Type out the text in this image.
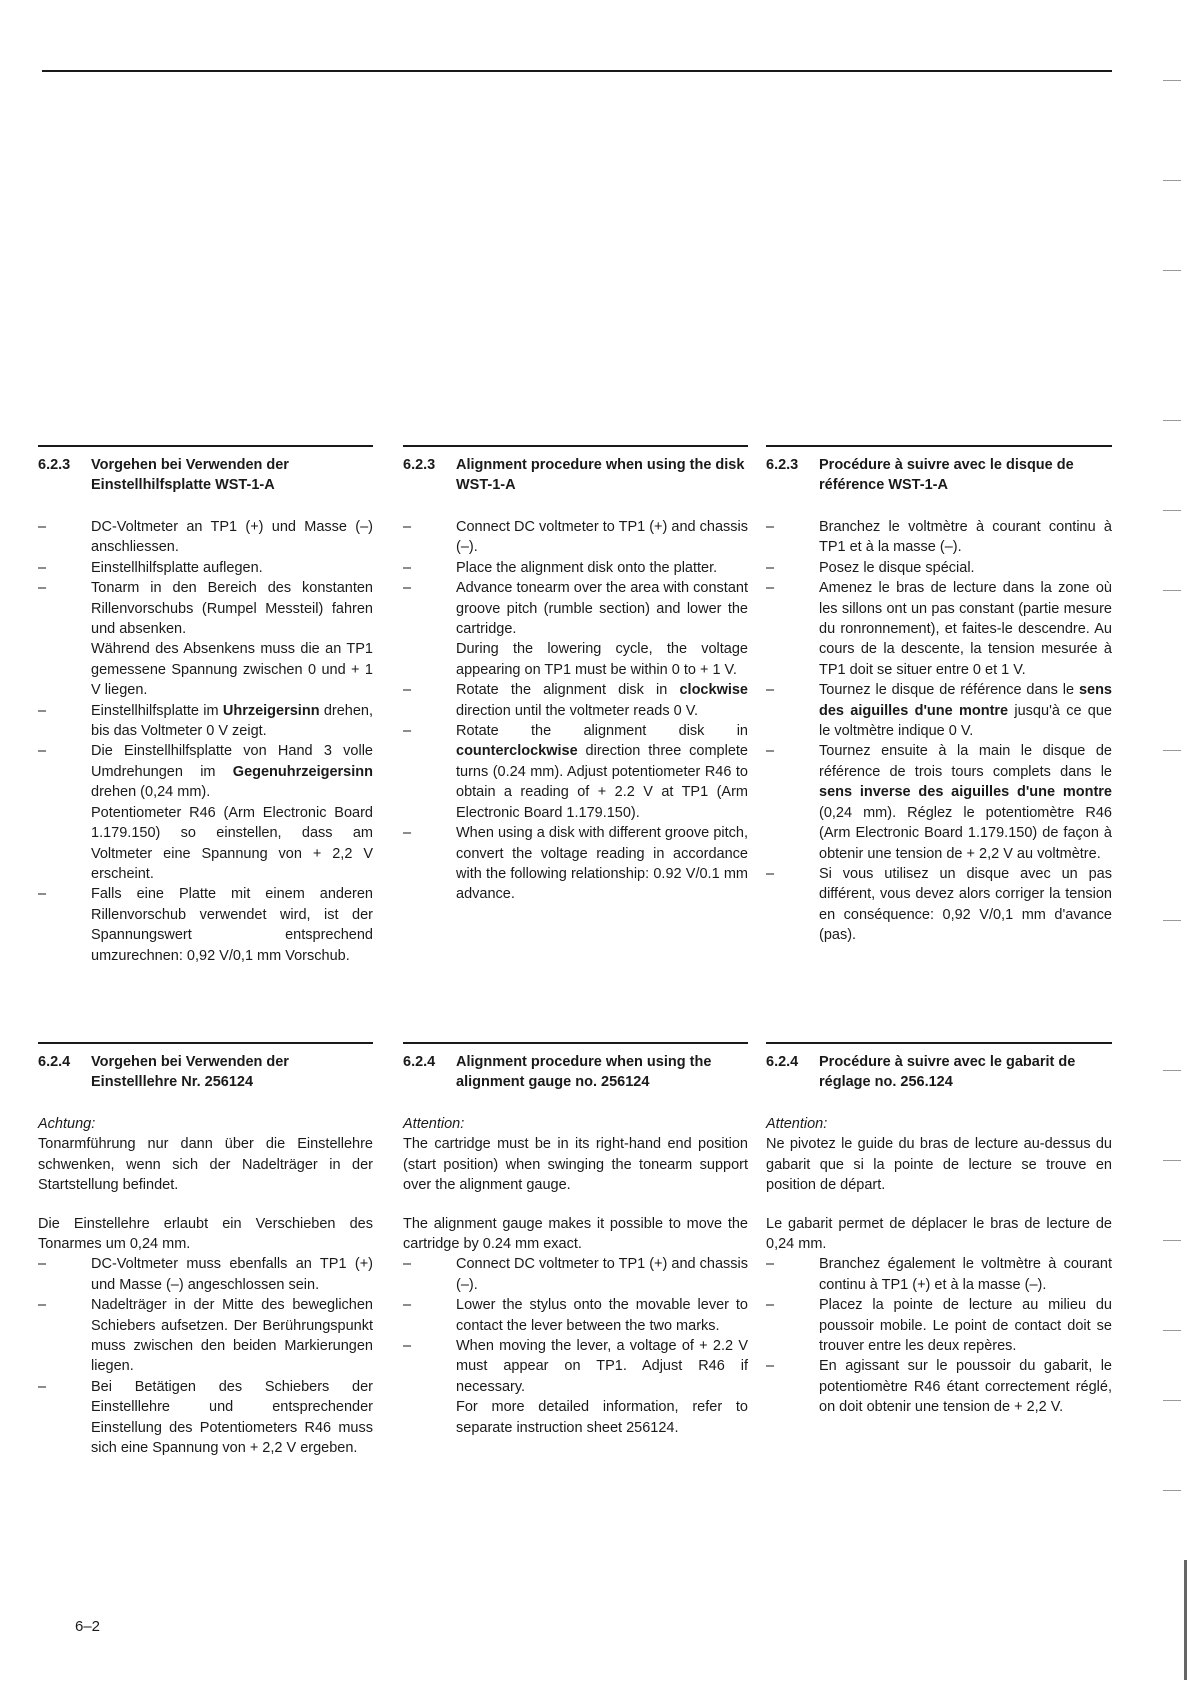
6.2.3	Vorgehen bei Verwenden der Einstellhilfsplatte WST-1-A
– DC-Voltmeter an TP1 (+) und Masse (–) anschliessen.
– Einstellhilfsplatte auflegen.
– Tonarm in den Bereich des konstanten Rillenvorschubs (Rumpel Messteil) fahren und absenken.
Während des Absenkens muss die an TP1 gemessene Spannung zwischen 0 und + 1 V liegen.
– Einstellhilfsplatte im Uhrzeigersinn drehen, bis das Voltmeter 0 V zeigt.
– Die Einstellhilfsplatte von Hand 3 volle Umdrehungen im Gegenuhrzeigersinn drehen (0,24 mm).
Potentiometer R46 (Arm Electronic Board 1.179.150) so einstellen, dass am Voltmeter eine Spannung von + 2,2 V erscheint.
– Falls eine Platte mit einem anderen Rillenvorschub verwendet wird, ist der Spannungswert entsprechend umzurechnen: 0,92 V/0,1 mm Vorschub.
6.2.3	Alignment procedure when using the disk WST-1-A
– Connect DC voltmeter to TP1 (+) and chassis (–).
– Place the alignment disk onto the platter.
– Advance tonearm over the area with constant groove pitch (rumble section) and lower the cartridge.
During the lowering cycle, the voltage appearing on TP1 must be within 0 to + 1 V.
– Rotate the alignment disk in clockwise direction until the voltmeter reads 0 V.
– Rotate the alignment disk in counterclockwise direction three complete turns (0.24 mm). Adjust potentiometer R46 to obtain a reading of + 2.2 V at TP1 (Arm Electronic Board 1.179.150).
– When using a disk with different groove pitch, convert the voltage reading in accordance with the following relationship: 0.92 V/0.1 mm advance.
6.2.3	Procédure à suivre avec le disque de référence WST-1-A
– Branchez le voltmètre à courant continu à TP1 et à la masse (–).
– Posez le disque spécial.
– Amenez le bras de lecture dans la zone où les sillons ont un pas constant (partie mesure du ronronnement), et faites-le descendre. Au cours de la descente, la tension mesurée à TP1 doit se situer entre 0 et 1 V.
– Tournez le disque de référence dans le sens des aiguilles d'une montre jusqu'à ce que le voltmètre indique 0 V.
– Tournez ensuite à la main le disque de référence de trois tours complets dans le sens inverse des aiguilles d'une montre (0,24 mm). Réglez le potentiomètre R46 (Arm Electronic Board 1.179.150) de façon à obtenir une tension de + 2,2 V au voltmètre.
– Si vous utilisez un disque avec un pas différent, vous devez alors corriger la tension en conséquence: 0,92 V/0,1 mm d'avance (pas).
6.2.4	Vorgehen bei Verwenden der Einstelllehre Nr. 256124
Achtung:

Tonarmführung nur dann über die Einstellehre schwenken, wenn sich der Nadelträger in der Startstellung befindet.

Die Einstellehre erlaubt ein Verschieben des Tonarmes um 0,24 mm.

– DC-Voltmeter muss ebenfalls an TP1 (+) und Masse (–) angeschlossen sein.
– Nadelträger in der Mitte des beweglichen Schiebers aufsetzen. Der Berührungspunkt muss zwischen den beiden Markierungen liegen.
– Bei Betätigen des Schiebers der Einstelllehre und entsprechender Einstellung des Potentiometers R46 muss sich eine Spannung von + 2,2 V ergeben.
6.2.4	Alignment procedure when using the alignment gauge no. 256124
Attention:

The cartridge must be in its right-hand end position (start position) when swinging the tonearm support over the alignment gauge.

The alignment gauge makes it possible to move the cartridge by 0.24 mm exact.

– Connect DC voltmeter to TP1 (+) and chassis (–).
– Lower the stylus onto the movable lever to contact the lever between the two marks.
– When moving the lever, a voltage of + 2.2 V must appear on TP1. Adjust R46 if necessary.
For more detailed information, refer to separate instruction sheet 256124.
6.2.4	Procédure à suivre avec le gabarit de réglage no. 256.124
Attention:

Ne pivotez le guide du bras de lecture au-dessus du gabarit que si la pointe de lecture se trouve en position de départ.

Le gabarit permet de déplacer le bras de lecture de 0,24 mm.

– Branchez également le voltmètre à courant continu à TP1 (+) et à la masse (–).
– Placez la pointe de lecture au milieu du poussoir mobile. Le point de contact doit se trouver entre les deux repères.
– En agissant sur le poussoir du gabarit, le potentiomètre R46 étant correctement réglé, on doit obtenir une tension de + 2,2 V.
6–2
